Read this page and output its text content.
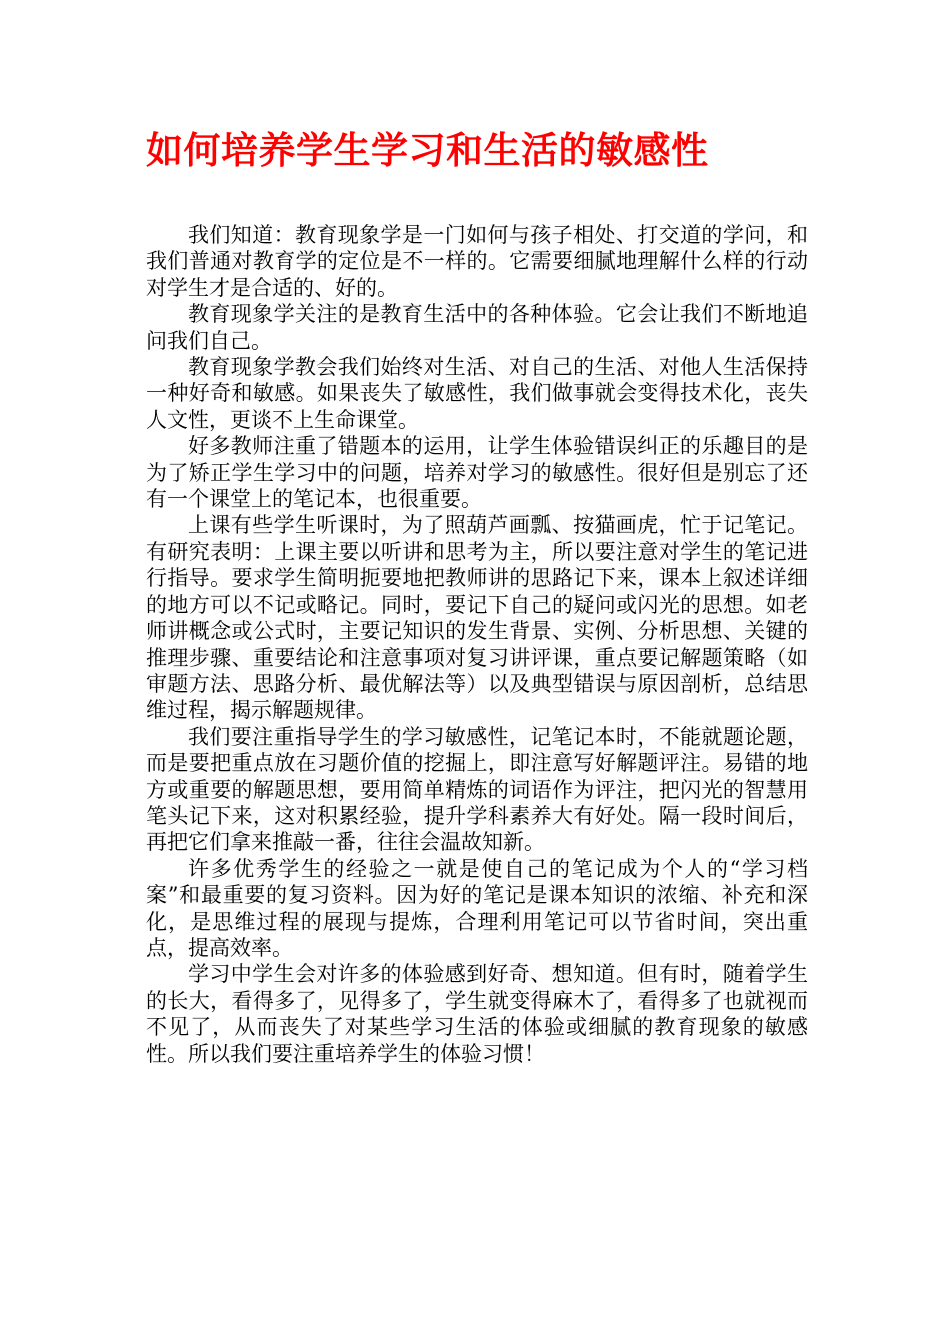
如何培养学生学习和生活的敏感性

我们知道：教育现象学是一门如何与孩子相处、打交道的学问，和我们普通对教育学的定位是不一样的。它需要细腻地理解什么样的行动对学生才是合适的、好的。

教育现象学关注的是教育生活中的各种体验。它会让我们不断地追问我们自己。

教育现象学教会我们始终对生活、对自己的生活、对他人生活保持一种好奇和敏感。如果丧失了敏感性，我们做事就会变得技术化，丧失人文性，更谈不上生命课堂。

好多教师注重了错题本的运用，让学生体验错误纠正的乐趣目的是为了矫正学生学习中的问题，培养对学习的敏感性。很好但是别忘了还有一个课堂上的笔记本，也很重要。

上课有些学生听课时，为了照葫芦画瓢、按猫画虎，忙于记笔记。有研究表明：上课主要以听讲和思考为主，所以要注意对学生的笔记进行指导。要求学生简明扼要地把教师讲的思路记下来，课本上叙述详细的地方可以不记或略记。同时，要记下自己的疑问或闪光的思想。如老师讲概念或公式时，主要记知识的发生背景、实例、分析思想、关键的推理步骤、重要结论和注意事项对复习讲评课，重点要记解题策略（如审题方法、思路分析、最优解法等）以及典型错误与原因剖析，总结思维过程，揭示解题规律。

我们要注重指导学生的学习敏感性，记笔记本时，不能就题论题，而是要把重点放在习题价值的挖掘上，即注意写好解题评注。易错的地方或重要的解题思想，要用简单精炼的词语作为评注，把闪光的智慧用笔头记下来，这对积累经验，提升学科素养大有好处。隔一段时间后，再把它们拿来推敲一番，往往会温故知新。

许多优秀学生的经验之一就是使自己的笔记成为个人的“学习档案”和最重要的复习资料。因为好的笔记是课本知识的浓缩、补充和深化，是思维过程的展现与提炼，合理利用笔记可以节省时间，突出重点，提高效率。

学习中学生会对许多的体验感到好奇、想知道。但有时，随着学生的长大，看得多了，见得多了，学生就变得麻木了，看得多了也就视而不见了，从而丧失了对某些学习生活的体验或细腻的教育现象的敏感性。所以我们要注重培养学生的体验习惯！
